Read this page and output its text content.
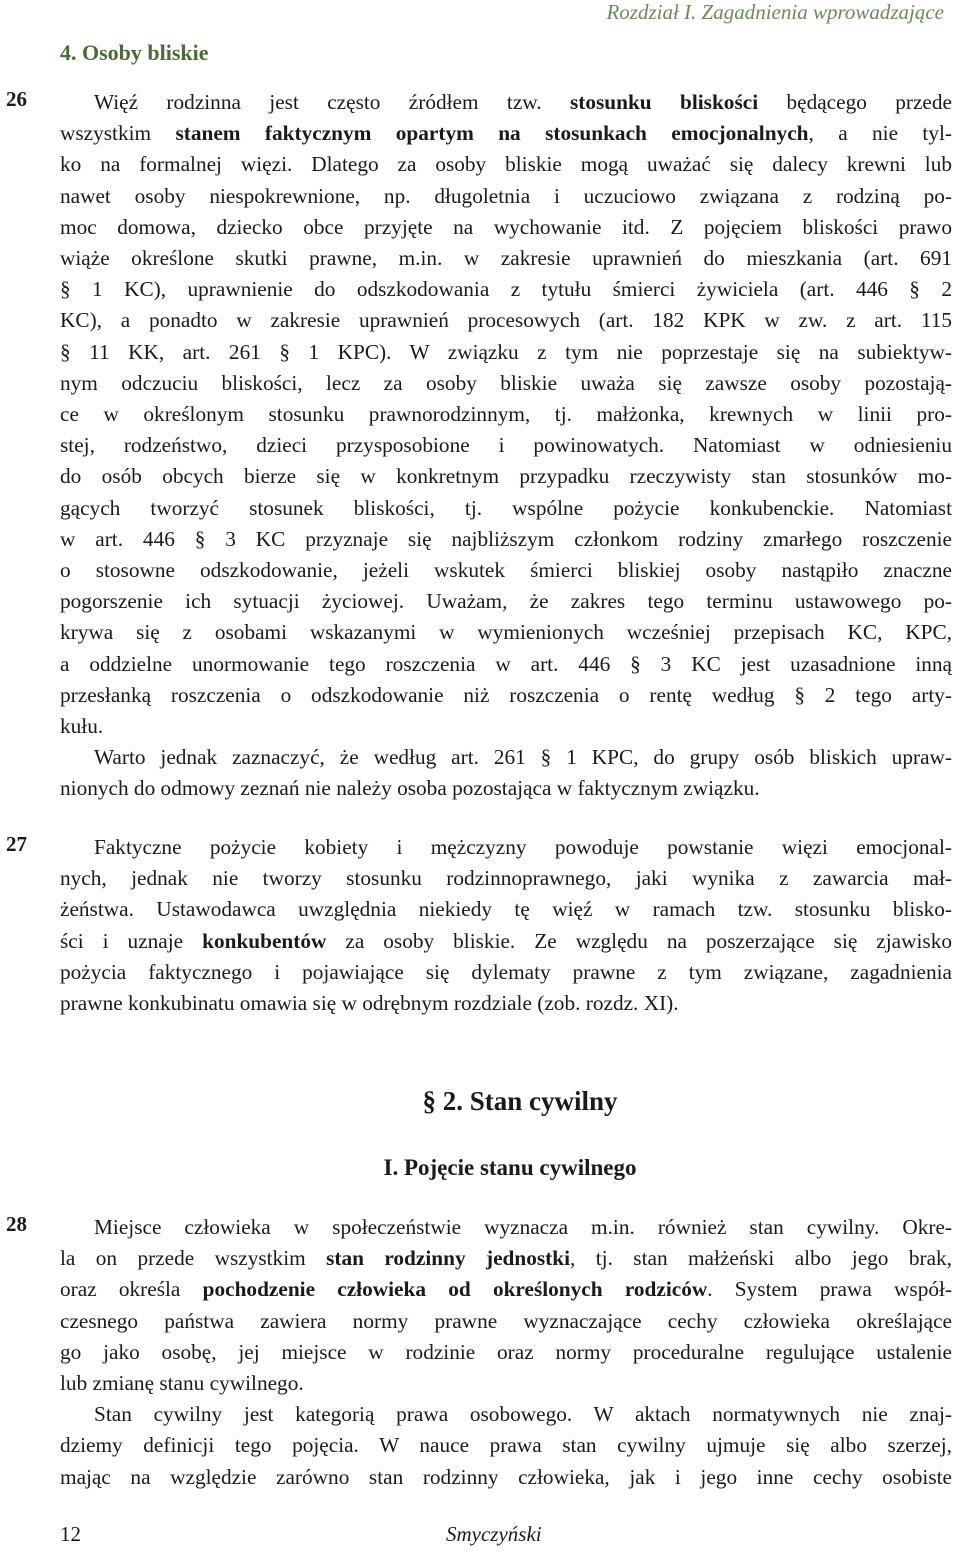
Rozdział I. Zagadnienia wprowadzające
4. Osoby bliskie
26	Więź rodzinna jest często źródłem tzw. stosunku bliskości będącego przede
wszystkim stanem faktycznym opartym na stosunkach emocjonalnych, a nie tyl-
ko na formalnej więzi. Dlatego za osoby bliskie mogą uważać się dalecy krewni lub
nawet osoby niespokrewnione, np. długoletnia i uczuciowo związana z rodziną po-
moc domowa, dziecko obce przyjęte na wychowanie itd. Z pojęciem bliskości prawo
wiąże określone skutki prawne, m.in. w zakresie uprawnień do mieszkania (art. 691
§ 1 KC), uprawnienie do odszkodowania z tytułu śmierci żywiciela (art. 446 § 2
KC), a ponadto w zakresie uprawnień procesowych (art. 182 KPK w zw. z art. 115
§ 11 KK, art. 261 § 1 KPC). W związku z tym nie poprzestaje się na subiektyw-
nym odczuciu bliskości, lecz za osoby bliskie uważa się zawsze osoby pozostają-
ce w określonym stosunku prawnorodzinnym, tj. małżonka, krewnych w linii pro-
stej, rodzeństwo, dzieci przysposobione i powinowatych. Natomiast w odniesieniu
do osób obcych bierze się w konkretnym przypadku rzeczywisty stan stosunków mo-
gących tworzyć stosunek bliskości, tj. wspólne pożycie konkubenckie. Natomiast
w art. 446 § 3 KC przyznaje się najbliższym członkom rodziny zmarłego roszczenie
o stosowne odszkodowanie, jeżeli wskutek śmierci bliskiej osoby nastąpiło znaczne
pogorszenie ich sytuacji życiowej. Uważam, że zakres tego terminu ustawowego po-
krywa się z osobami wskazanymi w wymienionych wcześniej przepisach KC, KPC,
a oddzielne unormowanie tego roszczenia w art. 446 § 3 KC jest uzasadnione inną
przesłanką roszczenia o odszkodowanie niż roszczenia o rentę według § 2 tego arty-
kułu.
Warto jednak zaznaczyć, że według art. 261 § 1 KPC, do grupy osób bliskich upraw-
nionych do odmowy zeznań nie należy osoba pozostająca w faktycznym związku.
27	Faktyczne pożycie kobiety i mężczyzny powoduje powstanie więzi emocjonal-
nych, jednak nie tworzy stosunku rodzinnoprawnego, jaki wynika z zawarcia mał-
żeństwa. Ustawodawca uwzględnia niekiedy tę więź w ramach tzw. stosunku blisko-
ści i uznaje konkubentów za osoby bliskie. Ze względu na poszerzające się zjawisko
pożycia faktycznego i pojawiające się dylematy prawne z tym związane, zagadnienia
prawne konkubinatu omawia się w odrębnym rozdziale (zob. rozdz. XI).
§ 2. Stan cywilny
I. Pojęcie stanu cywilnego
28	Miejsce człowieka w społeczeństwie wyznacza m.in. również stan cywilny. Okre-
la on przede wszystkim stan rodzinny jednostki, tj. stan małżeński albo jego brak,
oraz określa pochodzenie człowieka od określonych rodziców. System prawa współ-
czesnego państwa zawiera normy prawne wyznaczające cechy człowieka określające
go jako osobę, jej miejsce w rodzinie oraz normy proceduralne regulujące ustalenie
lub zmianę stanu cywilnego.
Stan cywilny jest kategorią prawa osobowego. W aktach normatywnych nie znaj-
dziemy definicji tego pojęcia. W nauce prawa stan cywilny ujmuje się albo szerzej,
mając na względzie zarówno stan rodzinny człowieka, jak i jego inne cechy osobiste
12	Smyczyński
